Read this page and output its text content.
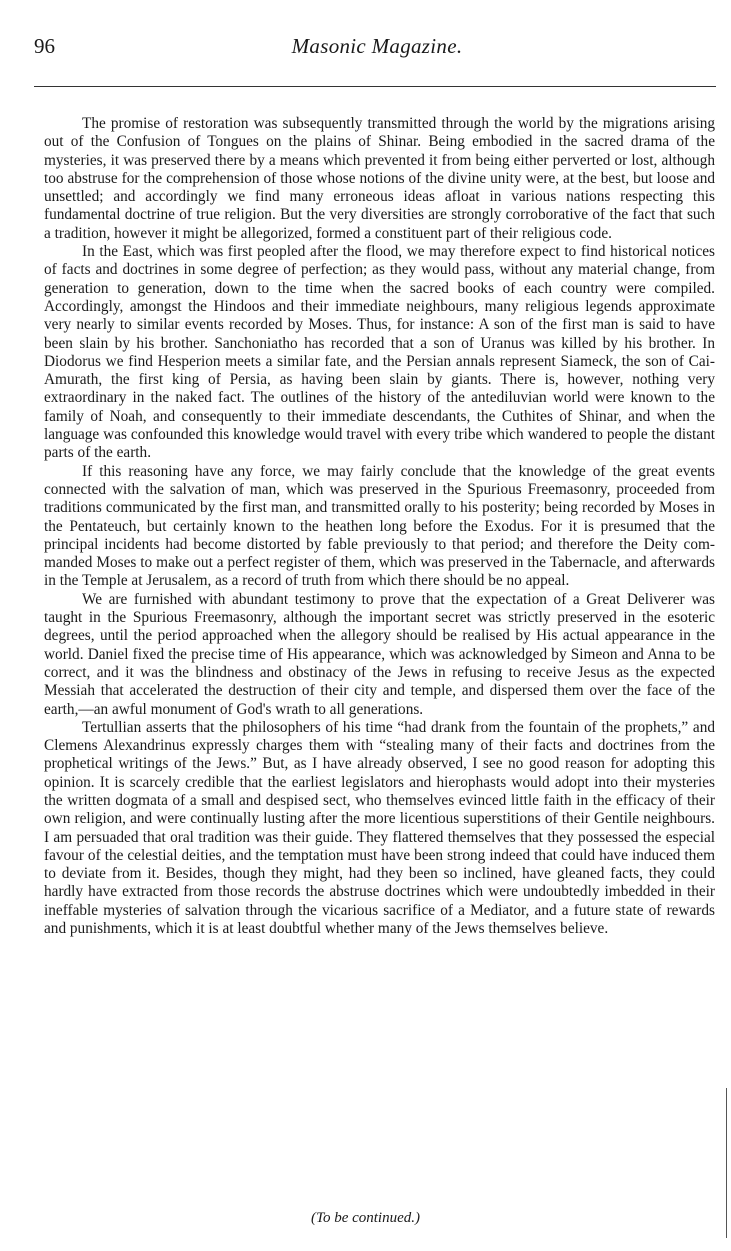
96	Masonic Magazine.

The promise of restoration was subsequently transmitted through the world by the migrations arising out of the Confusion of Tongues on the plains of Shinar. Being embodied in the sacred drama of the mysteries, it was preserved there by a means which prevented it from being either perverted or lost, although too abstruse for the comprehension of those whose notions of the divine unity were, at the best, but loose and unsettled; and accordingly we find many erroneous ideas afloat in various nations respecting this fundamental doctrine of true religion. But the very diversities are strongly corroborative of the fact that such a tradition, however it might be allegorized, formed a constituent part of their religious code.

In the East, which was first peopled after the flood, we may therefore expect to find historical notices of facts and doctrines in some degree of perfection; as they would pass, without any material change, from generation to generation, down to the time when the sacred books of each country were compiled. Accordingly, amongst the Hindoos and their immediate neighbours, many religious legends approximate very nearly to similar events recorded by Moses. Thus, for instance: A son of the first man is said to have been slain by his brother. Sanchoniatho has recorded that a son of Uranus was killed by his brother. In Diodorus we find Hesperion meets a similar fate, and the Persian annals represent Siameck, the son of Cai-Amurath, the first king of Persia, as having been slain by giants. There is, however, nothing very extraordinary in the naked fact. The outlines of the history of the antediluvian world were known to the family of Noah, and consequently to their immediate descendants, the Cuthites of Shinar, and when the language was confounded this knowledge would travel with every tribe which wandered to people the distant parts of the earth.

If this reasoning have any force, we may fairly conclude that the knowledge of the great events connected with the salvation of man, which was preserved in the Spurious Freemasonry, proceeded from traditions communicated by the first man, and transmitted orally to his posterity; being recorded by Moses in the Pentateuch, but certainly known to the heathen long before the Exodus. For it is presumed that the principal incidents had become distorted by fable previously to that period; and therefore the Deity commanded Moses to make out a perfect register of them, which was preserved in the Tabernacle, and afterwards in the Temple at Jerusalem, as a record of truth from which there should be no appeal.

We are furnished with abundant testimony to prove that the expectation of a Great Deliverer was taught in the Spurious Freemasonry, although the important secret was strictly preserved in the esoteric degrees, until the period approached when the allegory should be realised by His actual appearance in the world. Daniel fixed the precise time of His appearance, which was acknowledged by Simeon and Anna to be correct, and it was the blindness and obstinacy of the Jews in refusing to receive Jesus as the expected Messiah that accelerated the destruction of their city and temple, and dispersed them over the face of the earth,—an awful monument of God's wrath to all generations.

Tertullian asserts that the philosophers of his time “had drank from the fountain of the prophets,” and Clemens Alexandrinus expressly charges them with “stealing many of their facts and doctrines from the prophetical writings of the Jews.” But, as I have already observed, I see no good reason for adopting this opinion. It is scarcely credible that the earliest legislators and hierophasts would adopt into their mysteries the written dogmata of a small and despised sect, who themselves evinced little faith in the efficacy of their own religion, and were continually lusting after the more licentious superstitions of their Gentile neighbours. I am persuaded that oral tradition was their guide. They flattered themselves that they possessed the especial favour of the celestial deities, and the temptation must have been strong indeed that could have induced them to deviate from it. Besides, though they might, had they been so inclined, have gleaned facts, they could hardly have extracted from those records the abstruse doctrines which were undoubtedly imbedded in their ineffable mysteries of salvation through the vicarious sacrifice of a Mediator, and a future state of rewards and punishments, which it is at least doubtful whether many of the Jews themselves believe.

(To be continued.)
